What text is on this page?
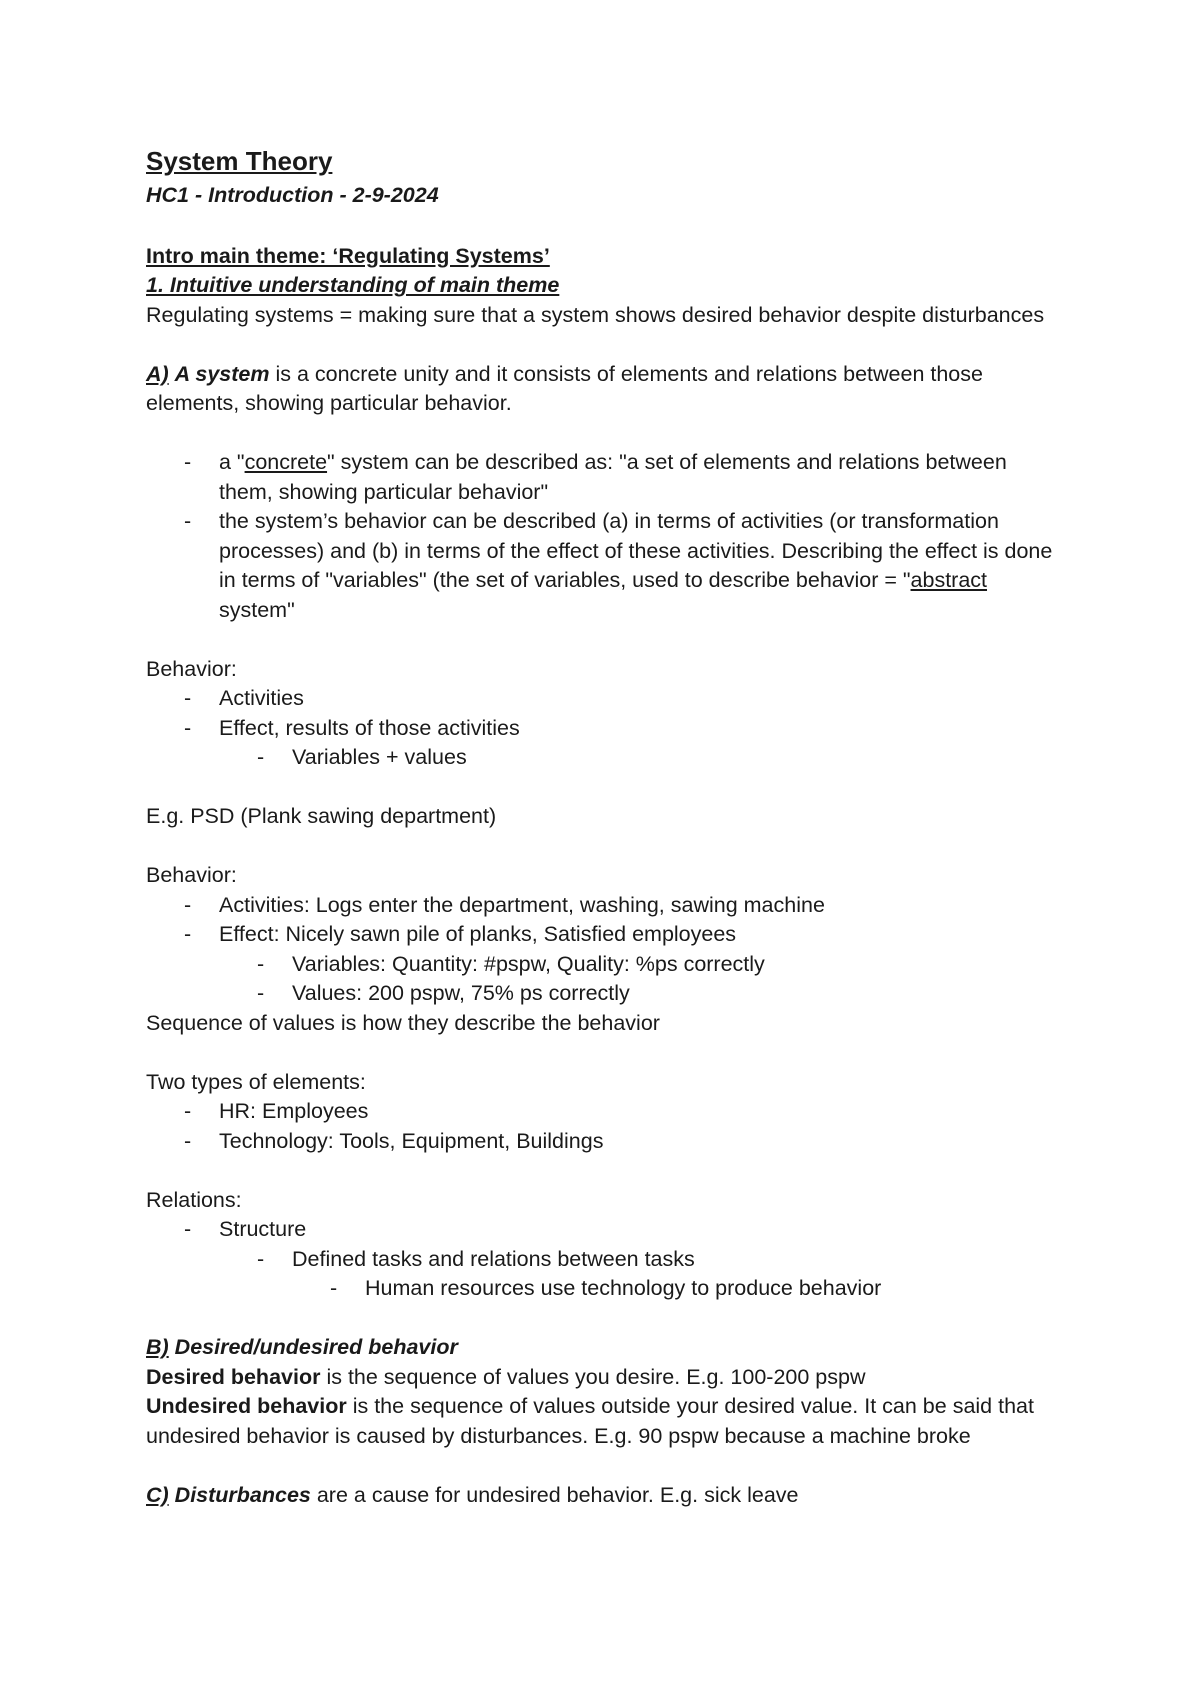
System Theory

HC1 - Introduction - 2-9-2024

Intro main theme: ‘Regulating Systems’

1. Intuitive understanding of main theme

Regulating systems = making sure that a system shows desired behavior despite disturbances

A) A system is a concrete unity and it consists of elements and relations between those elements, showing particular behavior.

- a "concrete" system can be described as: "a set of elements and relations between them, showing particular behavior"
- the system’s behavior can be described (a) in terms of activities (or transformation processes) and (b) in terms of the effect of these activities. Describing the effect is done in terms of "variables" (the set of variables, used to describe behavior = "abstract system"

Behavior:

- Activities
- Effect, results of those activities
- Variables + values

E.g. PSD (Plank sawing department)

Behavior:

- Activities: Logs enter the department, washing, sawing machine
- Effect: Nicely sawn pile of planks, Satisfied employees
- Variables: Quantity: #pspw, Quality: %ps correctly
- Values: 200 pspw, 75% ps correctly

Sequence of values is how they describe the behavior

Two types of elements:

- HR: Employees
- Technology: Tools, Equipment, Buildings

Relations:

- Structure
- Defined tasks and relations between tasks
- Human resources use technology to produce behavior

B) Desired/undesired behavior

Desired behavior is the sequence of values you desire. E.g. 100-200 pspw

Undesired behavior is the sequence of values outside your desired value. It can be said that undesired behavior is caused by disturbances. E.g. 90 pspw because a machine broke

C) Disturbances are a cause for undesired behavior. E.g. sick leave
